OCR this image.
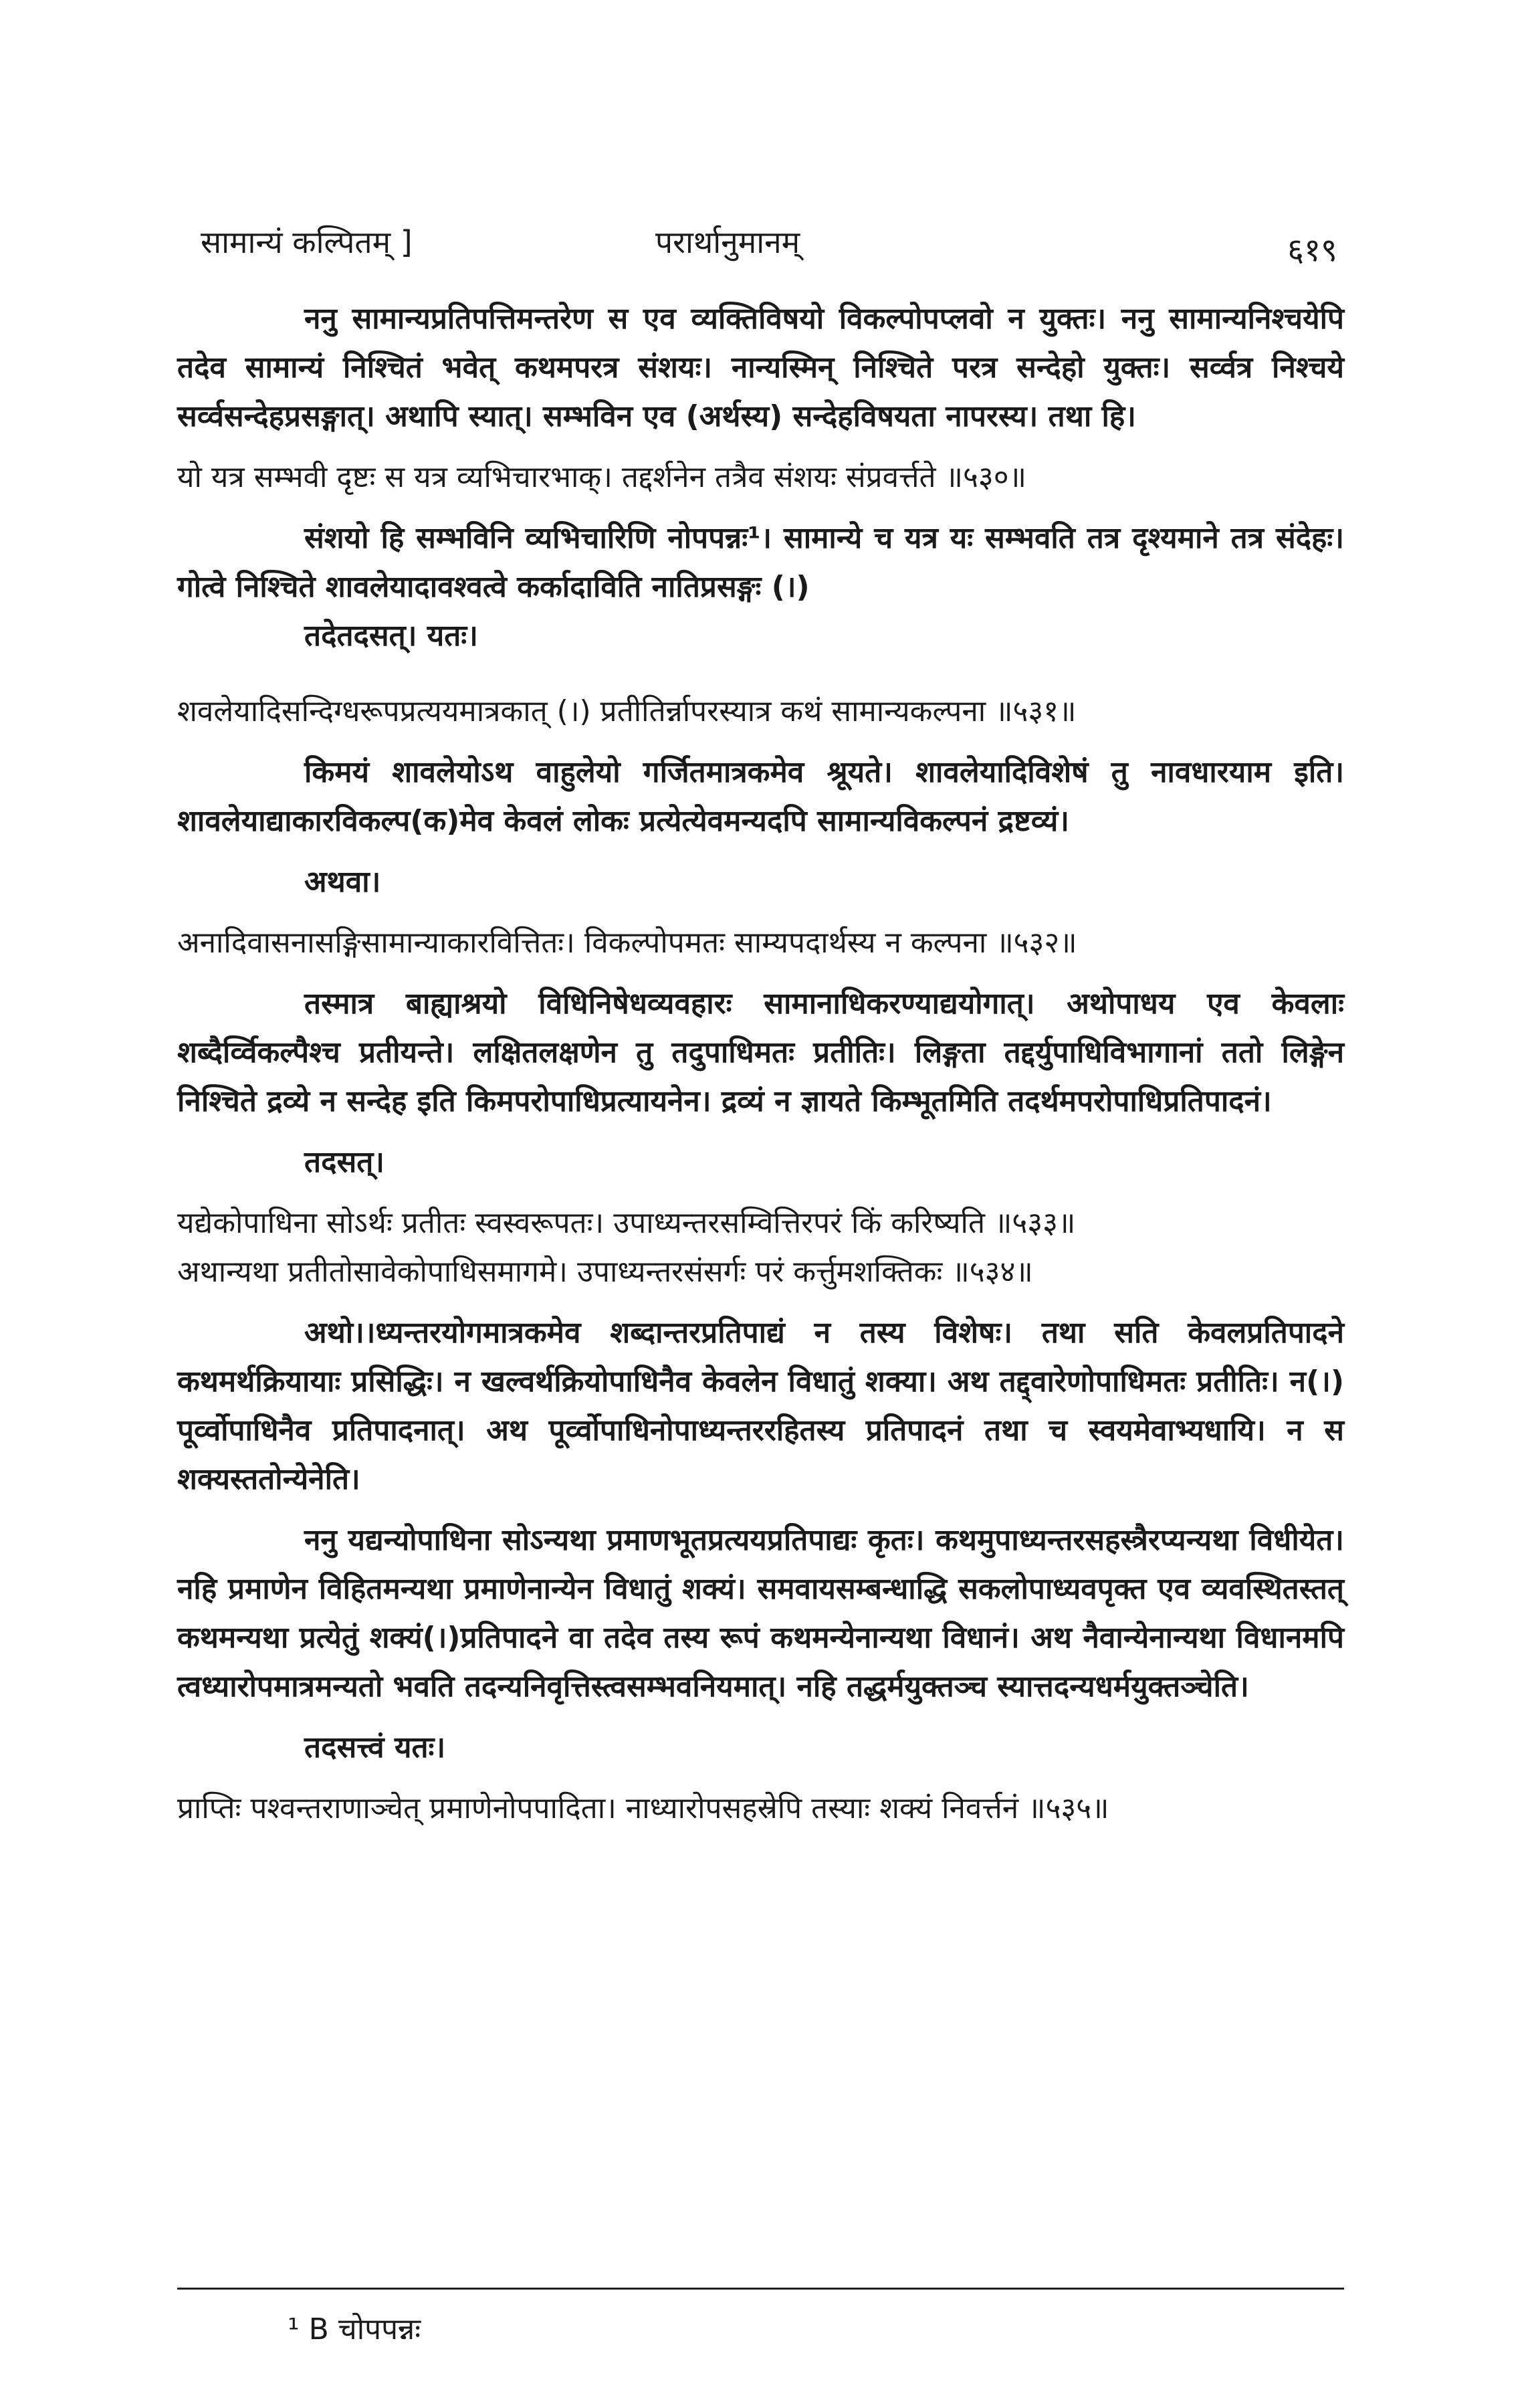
सामान्यं कल्पितम् ]	परार्थानुमानम्	६१९

ननु सामान्यप्रतिपत्तिमन्तरेण स एव व्यक्तिविषयो विकल्पोपप्लवो न युक्तः। ननु सामान्यनिश्चयेपि तदेव सामान्यं निश्चितं भवेत् कथमपरत्र संशयः। नान्यस्मिन् निश्चिते परत्र सन्देहो युक्तः। सर्व्वत्र निश्चये सर्व्वसन्देहप्रसङ्गात्। अथापि स्यात्। सम्भविन एव (अर्थस्य) सन्देहविषयता नापरस्य। तथा हि।

यो यत्र सम्भवी दृष्टः स यत्र व्यभिचारभाक्। तद्दर्शनेन तत्रैव संशयः संप्रवर्त्तते ॥५३०॥

संशयो हि सम्भविनि व्यभिचारिणि नोपपन्नः¹। सामान्ये च यत्र यः सम्भवति तत्र दृश्यमाने तत्र संदेहः। गोत्वे निश्चिते शावलेयादावश्वत्वे कर्कादाविति नातिप्रसङ्गः (।)

तदेतदसत्। यतः।

शवलेयादिसन्दिग्धरूपप्रत्ययमात्रकात् (।) प्रतीतिर्न्नापरस्यात्र कथं सामान्यकल्पना ॥५३१॥

किमयं शावलेयोऽथ वाहुलेयो गर्जितमात्रकमेव श्रूयते। शावलेयादिविशेषं तु नावधारयाम इति। शावलेयाद्याकारविकल्प(क)मेव केवलं लोकः प्रत्येत्येवमन्यदपि सामान्यविकल्पनं द्रष्टव्यं।

अथवा।

अनादिवासनासङ्गिसामान्याकारवित्तितः। विकल्पोपमतः साम्यपदार्थस्य न कल्पना ॥५३२॥

तस्मात्र बाह्याश्रयो विधिनिषेधव्यवहारः सामानाधिकरण्याद्ययोगात्। अथोपाधय एव केवलाः शब्दैर्व्विकल्पैश्च प्रतीयन्ते। लक्षितलक्षणेन तु तदुपाधिमतः प्रतीतिः। लिङ्गता तद्दर्युपाधिविभागानां ततो लिङ्गेन निश्चिते द्रव्ये न सन्देह इति किमपरोपाधिप्रत्यायनेन। द्रव्यं न ज्ञायते किम्भूतमिति तदर्थमपरोपाधिप्रतिपादनं।

तदसत्।

यद्येकोपाधिना सोऽर्थः प्रतीतः स्वस्वरूपतः। उपाध्यन्तरसम्वित्तिरपरं किं करिष्यति ॥५३३॥

अथान्यथा प्रतीतोसावेकोपाधिसमागमे। उपाध्यन्तरसंसर्गः परं कर्त्तुमशक्तिकः ॥५३४॥

अथो।।ध्यन्तरयोगमात्रकमेव शब्दान्तरप्रतिपाद्यं न तस्य विशेषः। तथा सति केवलप्रतिपादने कथमर्थक्रियायाः प्रसिद्धिः। न खल्वर्थक्रियोपाधिनैव केवलेन विधातुं शक्या। अथ तद्द्वारेणोपाधिमतः प्रतीतिः। न(।) पूर्व्वोपाधिनैव प्रतिपादनात्। अथ पूर्व्वोपाधिनोपाध्यन्तररहितस्य प्रतिपादनं तथा च स्वयमेवाभ्यधायि। न स शक्यस्ततोन्येनेति।

ननु यद्यन्योपाधिना सोऽन्यथा प्रमाणभूतप्रत्ययप्रतिपाद्यः कृतः। कथमुपाध्यन्तरसहस्त्रैरप्यन्यथा विधीयेत। नहि प्रमाणेन विहितमन्यथा प्रमाणेनान्येन विधातुं शक्यं। समवायसम्बन्धाद्धि सकलोपाध्यवपृक्त एव व्यवस्थितस्तत् कथमन्यथा प्रत्येतुं शक्यं(।)प्रतिपादने वा तदेव तस्य रूपं कथमन्येनान्यथा विधानं। अथ नैवान्येनान्यथा विधानमपि त्वध्यारोपमात्रमन्यतो भवति तदन्यनिवृत्तिस्त्वसम्भवनियमात्। नहि तद्धर्मयुक्तञ्च स्यात्तदन्यधर्मयुक्तञ्चेति।

तदसत्त्वं यतः।

प्राप्तिः पश्वन्तराणाञ्चेत् प्रमाणेनोपपादिता। नाध्यारोपसहस्रेपि तस्याः शक्यं निवर्त्तनं ॥५३५॥

¹ B चोपपन्नः
